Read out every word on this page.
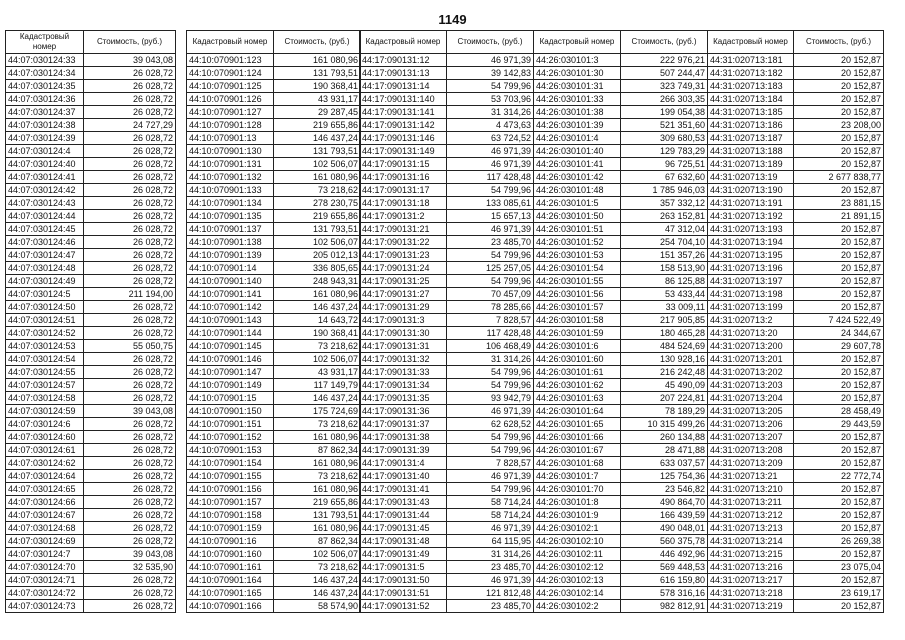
1149
Кадастровый номер	Стоимость, (руб.)
44:07:030124:33	39 043,08
44:07:030124:34	26 028,72
44:07:030124:35	26 028,72
44:07:030124:36	26 028,72
44:07:030124:37	26 028,72
44:07:030124:38	24 727,29
44:07:030124:39	26 028,72
44:07:030124:4	26 028,72
44:07:030124:40	26 028,72
44:07:030124:41	26 028,72
44:07:030124:42	26 028,72
44:07:030124:43	26 028,72
44:07:030124:44	26 028,72
44:07:030124:45	26 028,72
44:07:030124:46	26 028,72
44:07:030124:47	26 028,72
44:07:030124:48	26 028,72
44:07:030124:49	26 028,72
44:07:030124:5	211 194,00
44:07:030124:50	26 028,72
44:07:030124:51	26 028,72
44:07:030124:52	26 028,72
44:07:030124:53	55 050,75
44:07:030124:54	26 028,72
44:07:030124:55	26 028,72
44:07:030124:57	26 028,72
44:07:030124:58	26 028,72
44:07:030124:59	39 043,08
44:07:030124:6	26 028,72
44:07:030124:60	26 028,72
44:07:030124:61	26 028,72
44:07:030124:62	26 028,72
44:07:030124:64	26 028,72
44:07:030124:65	26 028,72
44:07:030124:66	26 028,72
44:07:030124:67	26 028,72
44:07:030124:68	26 028,72
44:07:030124:69	26 028,72
44:07:030124:7	39 043,08
44:07:030124:70	32 535,90
44:07:030124:71	26 028,72
44:07:030124:72	26 028,72
44:07:030124:73	26 028,72
Кадастровый номер	Стоимость, (руб.)
44:10:070901:123	161 080,96
44:10:070901:124	131 793,51
44:10:070901:125	190 368,41
44:10:070901:126	43 931,17
44:10:070901:127	29 287,45
44:10:070901:128	219 655,86
44:10:070901:13	146 437,24
44:10:070901:130	131 793,51
44:10:070901:131	102 506,07
44:10:070901:132	161 080,96
44:10:070901:133	73 218,62
44:10:070901:134	278 230,75
44:10:070901:135	219 655,86
44:10:070901:137	131 793,51
44:10:070901:138	102 506,07
44:10:070901:139	205 012,13
44:10:070901:14	336 805,65
44:10:070901:140	248 943,31
44:10:070901:141	161 080,96
44:10:070901:142	146 437,24
44:10:070901:143	14 643,72
44:10:070901:144	190 368,41
44:10:070901:145	73 218,62
44:10:070901:146	102 506,07
44:10:070901:147	43 931,17
44:10:070901:149	117 149,79
44:10:070901:15	146 437,24
44:10:070901:150	175 724,69
44:10:070901:151	73 218,62
44:10:070901:152	161 080,96
44:10:070901:153	87 862,34
44:10:070901:154	161 080,96
44:10:070901:155	73 218,62
44:10:070901:156	161 080,96
44:10:070901:157	219 655,86
44:10:070901:158	131 793,51
44:10:070901:159	161 080,96
44:10:070901:16	87 862,34
44:10:070901:160	102 506,07
44:10:070901:161	73 218,62
44:10:070901:164	146 437,24
44:10:070901:165	146 437,24
44:10:070901:166	58 574,90
Кадастровый номер	Стоимость, (руб.)
44:17:090131:12	46 971,39
44:17:090131:13	39 142,83
44:17:090131:14	54 799,96
44:17:090131:140	53 703,96
44:17:090131:141	31 314,26
44:17:090131:142	4 473,63
44:17:090131:146	63 724,52
44:17:090131:149	46 971,39
44:17:090131:15	46 971,39
44:17:090131:16	117 428,48
44:17:090131:17	54 799,96
44:17:090131:18	133 085,61
44:17:090131:2	15 657,13
44:17:090131:21	46 971,39
44:17:090131:22	23 485,70
44:17:090131:23	54 799,96
44:17:090131:24	125 257,05
44:17:090131:25	54 799,96
44:17:090131:27	70 457,09
44:17:090131:29	78 285,66
44:17:090131:3	7 828,57
44:17:090131:30	117 428,48
44:17:090131:31	106 468,49
44:17:090131:32	31 314,26
44:17:090131:33	54 799,96
44:17:090131:34	54 799,96
44:17:090131:35	93 942,79
44:17:090131:36	46 971,39
44:17:090131:37	62 628,52
44:17:090131:38	54 799,96
44:17:090131:39	54 799,96
44:17:090131:4	7 828,57
44:17:090131:40	46 971,39
44:17:090131:41	54 799,96
44:17:090131:43	58 714,24
44:17:090131:44	58 714,24
44:17:090131:45	46 971,39
44:17:090131:48	64 115,95
44:17:090131:49	31 314,26
44:17:090131:5	23 485,70
44:17:090131:50	46 971,39
44:17:090131:51	121 812,48
44:17:090131:52	23 485,70
Кадастровый номер	Стоимость, (руб.)
44:26:030101:3	222 976,21
44:26:030101:30	507 244,47
44:26:030101:31	323 749,31
44:26:030101:33	266 303,35
44:26:030101:38	199 054,38
44:26:030101:39	521 351,60
44:26:030101:4	309 680,53
44:26:030101:40	129 783,29
44:26:030101:41	96 725,51
44:26:030101:42	67 632,60
44:26:030101:48	1 785 946,03
44:26:030101:5	357 332,12
44:26:030101:50	263 152,81
44:26:030101:51	47 312,04
44:26:030101:52	254 704,10
44:26:030101:53	151 357,26
44:26:030101:54	158 513,90
44:26:030101:55	86 125,88
44:26:030101:56	53 433,44
44:26:030101:57	33 009,11
44:26:030101:58	217 905,85
44:26:030101:59	180 465,28
44:26:030101:6	484 524,69
44:26:030101:60	130 928,16
44:26:030101:61	216 242,48
44:26:030101:62	45 490,09
44:26:030101:63	207 224,81
44:26:030101:64	78 189,29
44:26:030101:65	10 315 499,26
44:26:030101:66	260 134,88
44:26:030101:67	28 471,88
44:26:030101:68	633 037,57
44:26:030101:7	125 754,36
44:26:030101:70	23 546,82
44:26:030101:8	490 864,70
44:26:030101:9	166 439,59
44:26:030102:1	490 048,01
44:26:030102:10	560 375,78
44:26:030102:11	446 492,96
44:26:030102:12	569 448,53
44:26:030102:13	616 159,80
44:26:030102:14	578 316,16
44:26:030102:2	982 812,91
Кадастровый номер	Стоимость, (руб.)
44:31:020713:181	20 152,87
44:31:020713:182	20 152,87
44:31:020713:183	20 152,87
44:31:020713:184	20 152,87
44:31:020713:185	20 152,87
44:31:020713:186	23 208,00
44:31:020713:187	20 152,87
44:31:020713:188	20 152,87
44:31:020713:189	20 152,87
44:31:020713:19	2 677 838,77
44:31:020713:190	20 152,87
44:31:020713:191	23 881,15
44:31:020713:192	21 891,15
44:31:020713:193	20 152,87
44:31:020713:194	20 152,87
44:31:020713:195	20 152,87
44:31:020713:196	20 152,87
44:31:020713:197	20 152,87
44:31:020713:198	20 152,87
44:31:020713:199	20 152,87
44:31:020713:2	7 424 522,49
44:31:020713:20	24 344,67
44:31:020713:200	29 607,78
44:31:020713:201	20 152,87
44:31:020713:202	20 152,87
44:31:020713:203	20 152,87
44:31:020713:204	20 152,87
44:31:020713:205	28 458,49
44:31:020713:206	29 443,59
44:31:020713:207	20 152,87
44:31:020713:208	20 152,87
44:31:020713:209	20 152,87
44:31:020713:21	22 772,74
44:31:020713:210	20 152,87
44:31:020713:211	20 152,87
44:31:020713:212	20 152,87
44:31:020713:213	20 152,87
44:31:020713:214	26 269,38
44:31:020713:215	20 152,87
44:31:020713:216	23 075,04
44:31:020713:217	20 152,87
44:31:020713:218	23 619,17
44:31:020713:219	20 152,87
